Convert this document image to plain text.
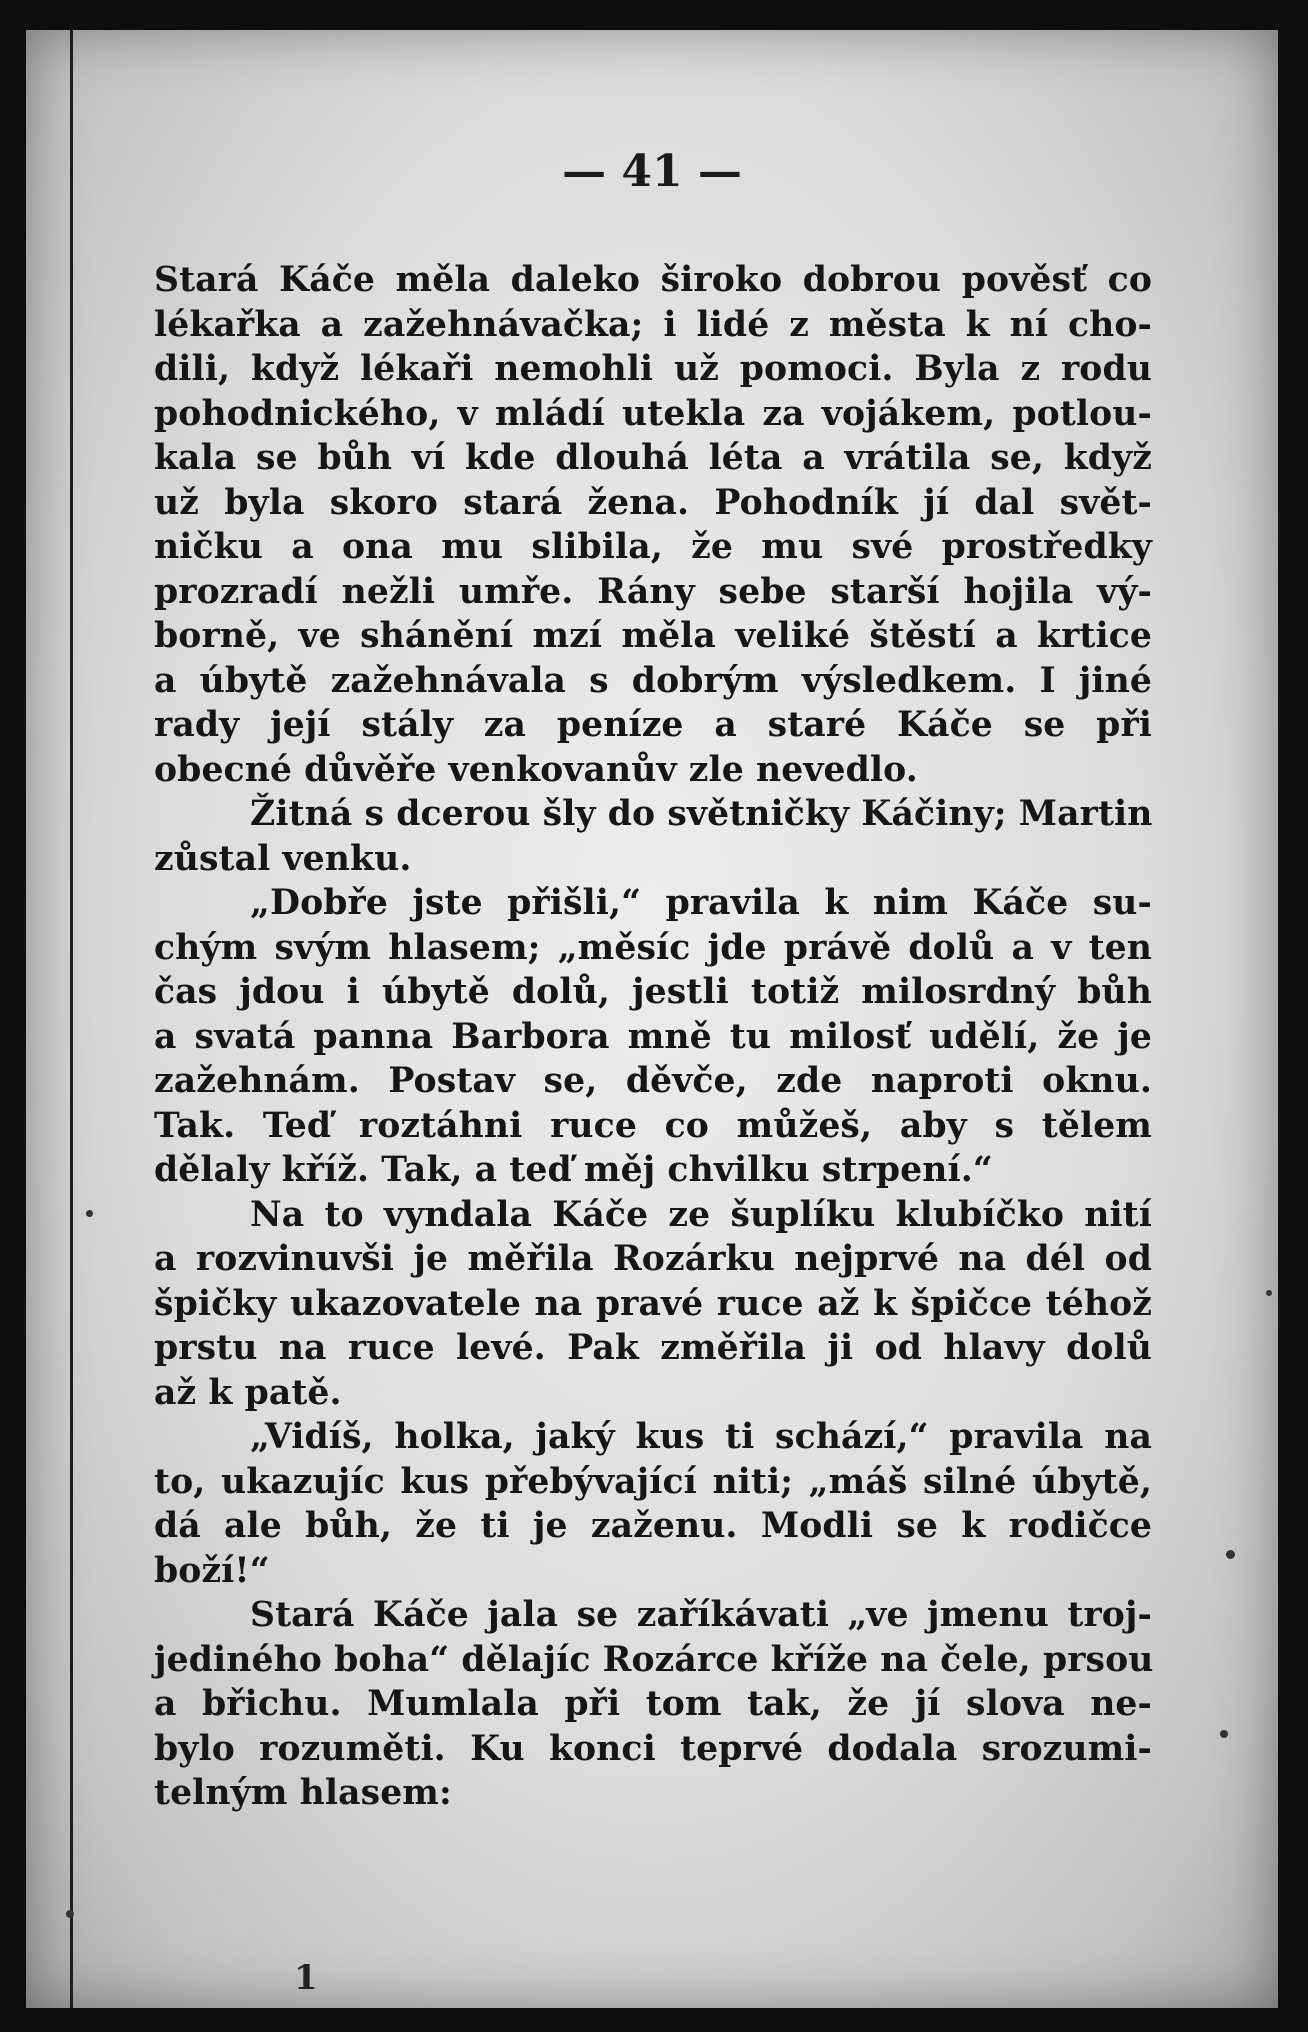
— 41 —
Stará Káče měla daleko široko dobrou pověsť co
lékařka a zažehnávačka; i lidé z města k ní cho-
dili, když lékaři nemohli už pomoci. Byla z rodu
pohodnického, v mládí utekla za vojákem, potlou-
kala se bůh ví kde dlouhá léta a vrátila se, když
už byla skoro stará žena. Pohodník jí dal svět-
ničku a ona mu slibila, že mu své prostředky
prozradí nežli umře. Rány sebe starší hojila vý-
borně, ve shánění mzí měla veliké štěstí a krtice
a úbytě zažehnávala s dobrým výsledkem. I jiné
rady její stály za peníze a staré Káče se při
obecné důvěře venkovanův zle nevedlo.
Žitná s dcerou šly do světničky Káčiny; Martin
zůstal venku.
„Dobře jste přišli,“ pravila k nim Káče su-
chým svým hlasem; „měsíc jde právě dolů a v ten
čas jdou i úbytě dolů, jestli totiž milosrdný bůh
a svatá panna Barbora mně tu milosť udělí, že je
zažehnám. Postav se, děvče, zde naproti oknu.
Tak. Teď roztáhni ruce co můžeš, aby s tělem
dělaly kříž. Tak, a teď měj chvilku strpení.“
Na to vyndala Káče ze šuplíku klubíčko nití
a rozvinuvši je měřila Rozárku nejprvé na dél od
špičky ukazovatele na pravé ruce až k špičce téhož
prstu na ruce levé. Pak změřila ji od hlavy dolů
až k patě.
„Vidíš, holka, jaký kus ti schází,“ pravila na
to, ukazujíc kus přebývající niti; „máš silné úbytě,
dá ale bůh, že ti je zaženu. Modli se k rodičce
boží!“
Stará Káče jala se zaříkávati „ve jmenu troj-
jediného boha“ dělajíc Rozárce kříže na čele, prsou
a břichu. Mumlala při tom tak, že jí slova ne-
bylo rozuměti. Ku konci teprvé dodala srozumi-
telným hlasem:
1
